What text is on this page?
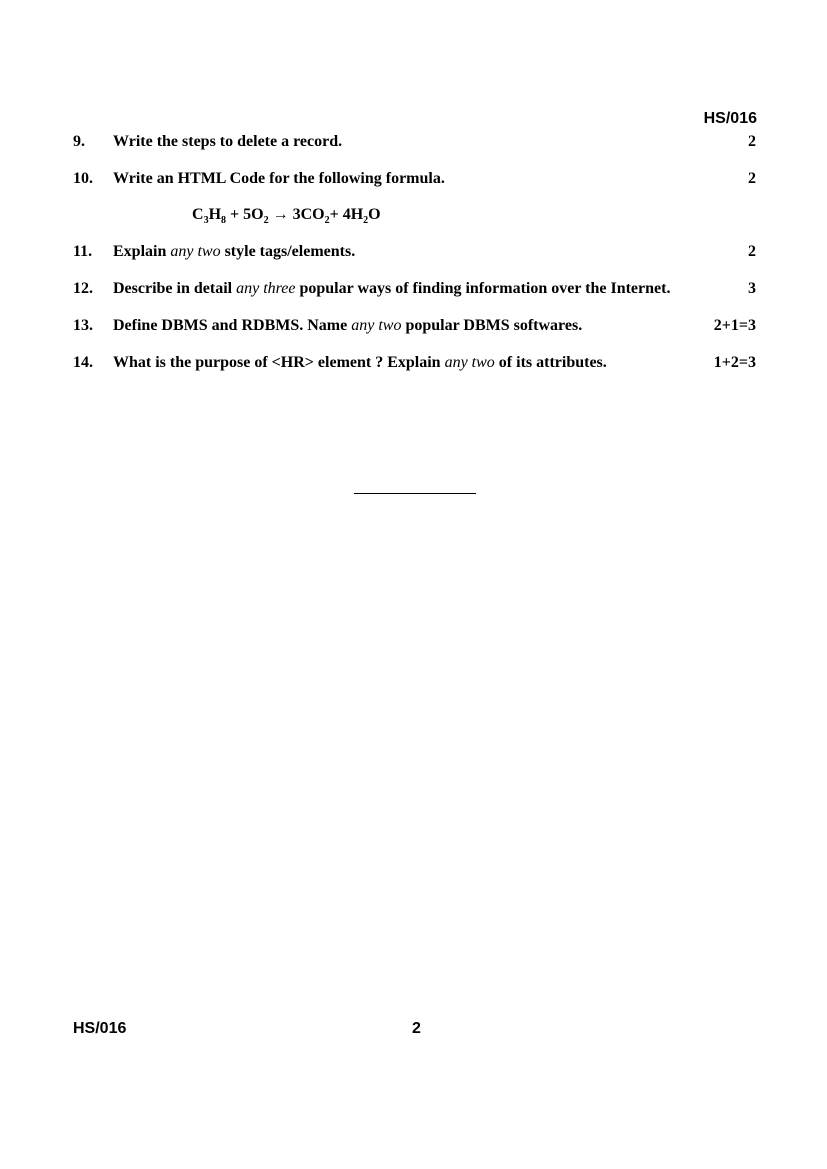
HS/016
9. Write the steps to delete a record.	2
10. Write an HTML Code for the following formula.	2
$C_3H_8 + 5O_2 \to 3CO_2+ 4H_2O$
11. Explain any two style tags/elements.	2
12. Describe in detail any three popular ways of finding information over the Internet.	3
13. Define DBMS and RDBMS. Name any two popular DBMS softwares.	2+1=3
14. What is the purpose of <HR> element ? Explain any two of its attributes.	1+2=3
HS/016	2
